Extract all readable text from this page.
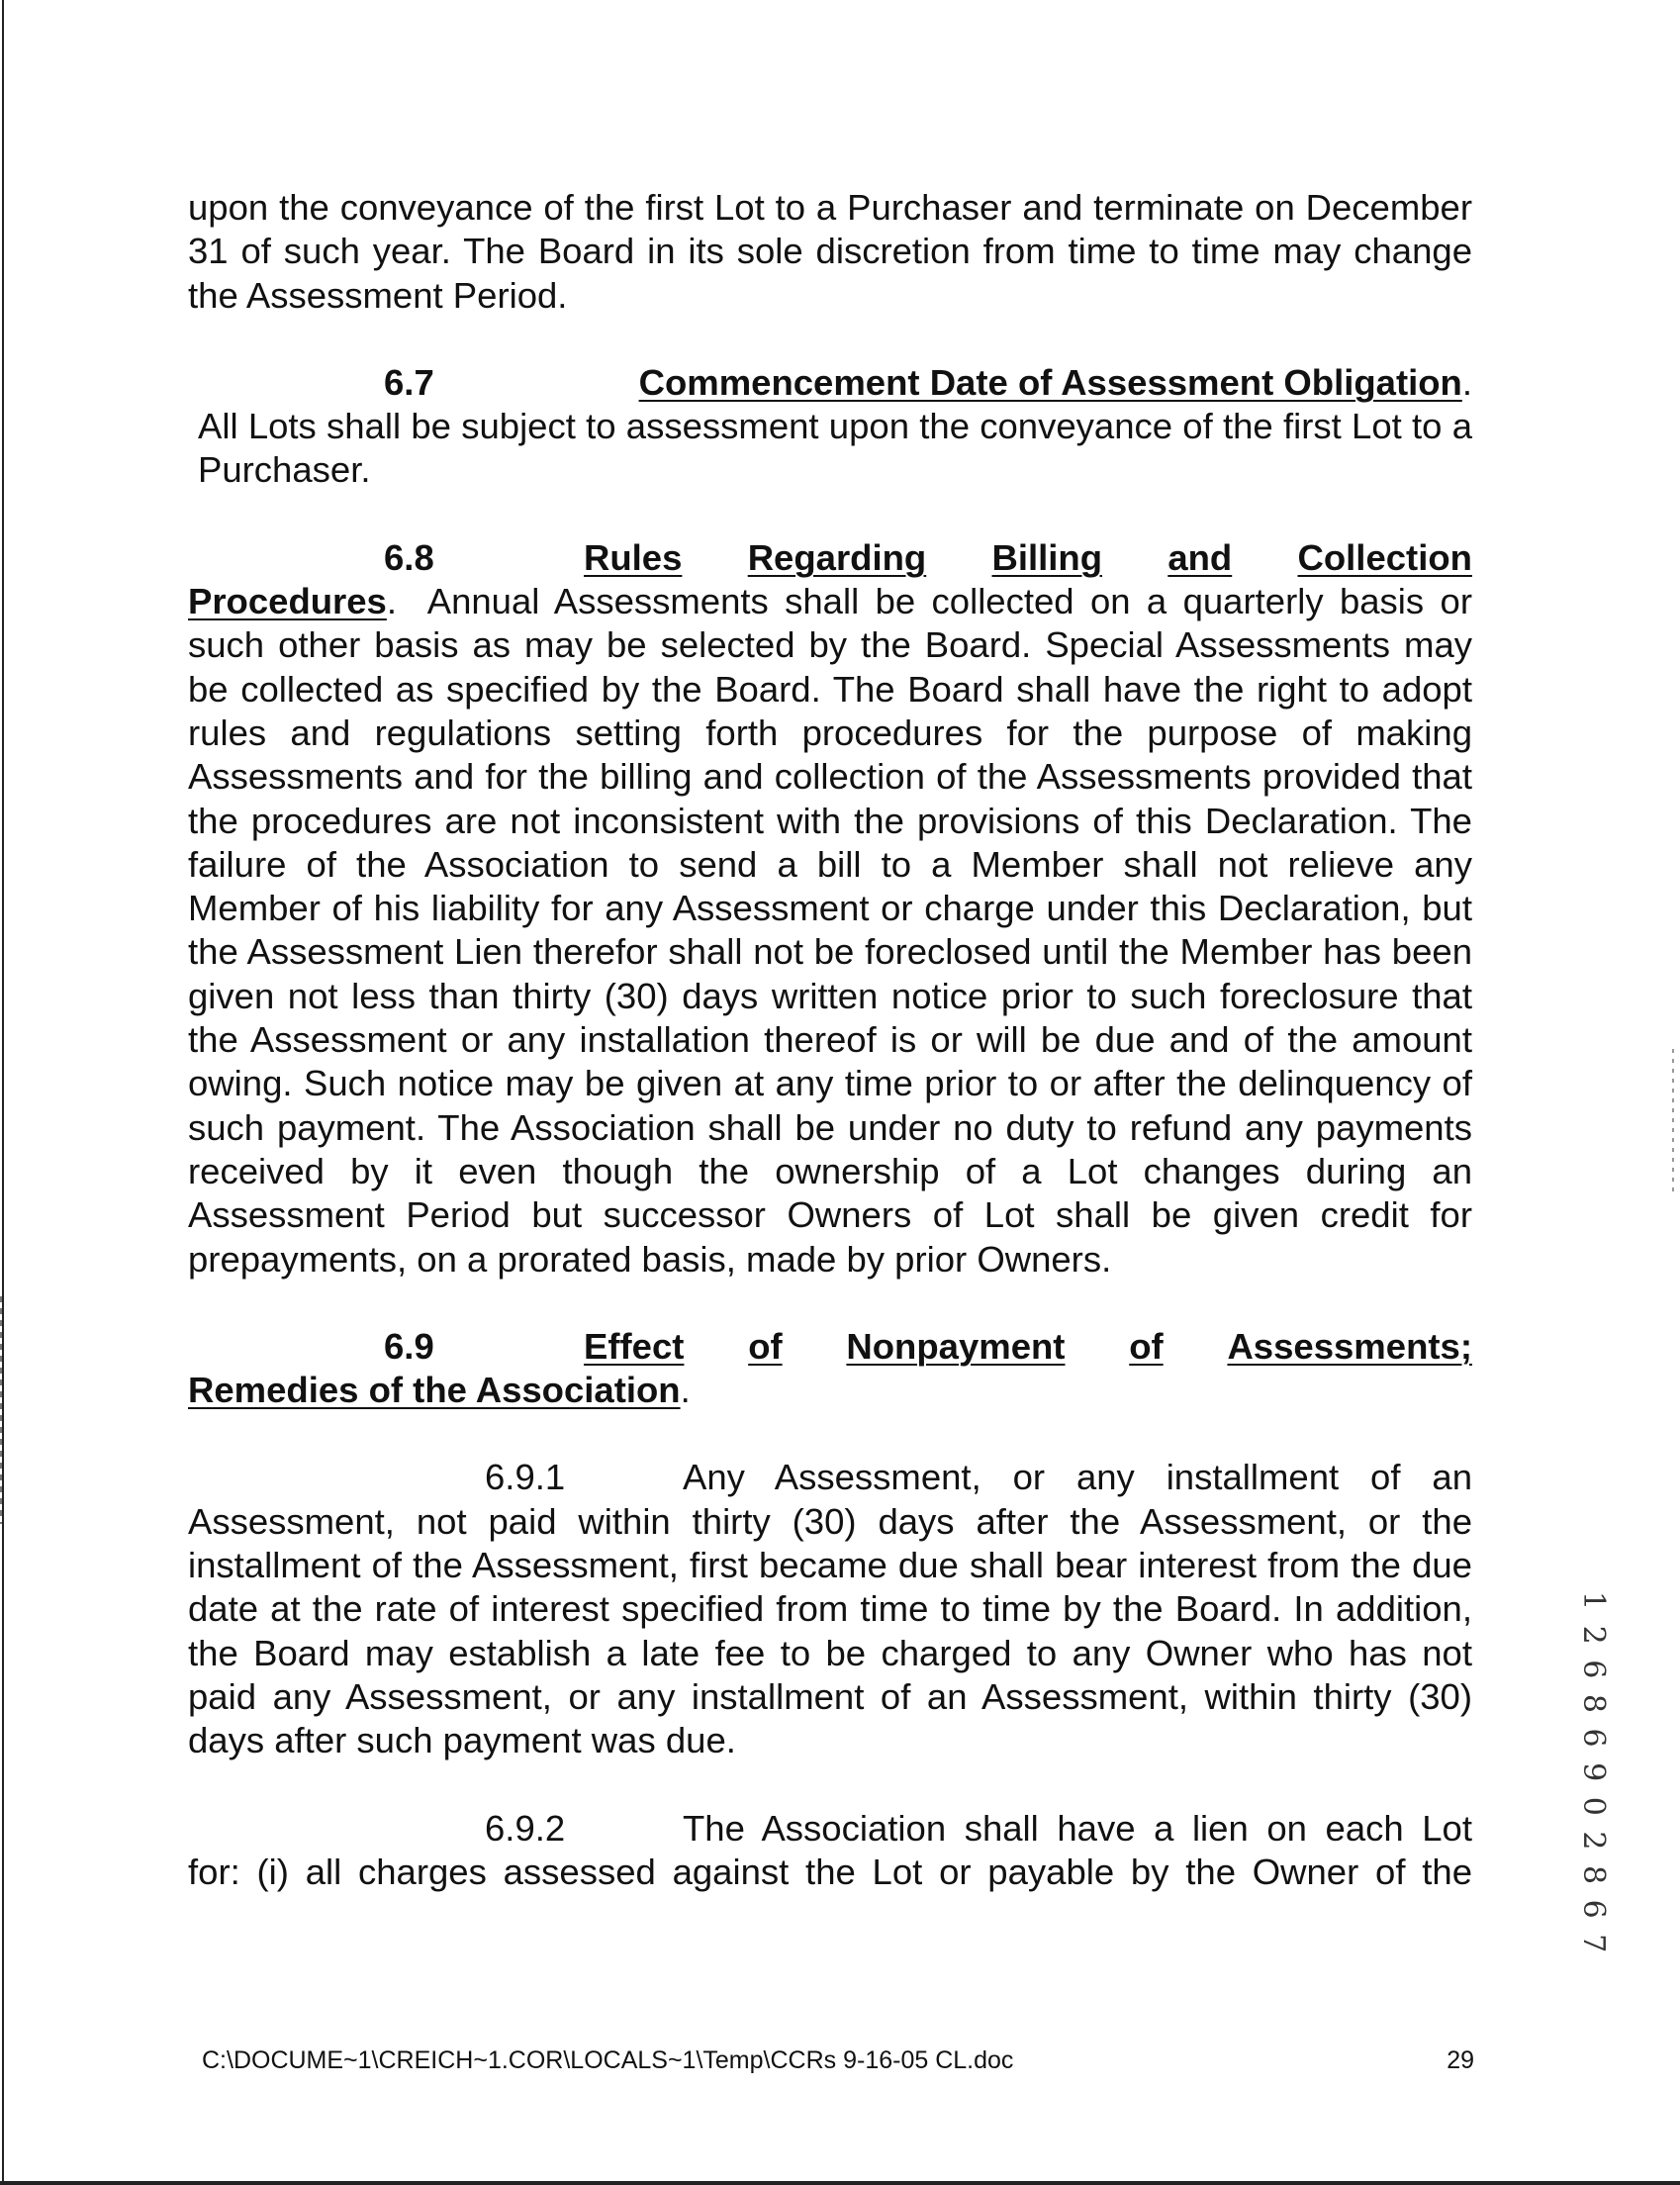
upon the conveyance of the first Lot to a Purchaser and terminate on December 31 of such year. The Board in its sole discretion from time to time may change the Assessment Period.

6.7	Commencement Date of Assessment Obligation.

All Lots shall be subject to assessment upon the conveyance of the first Lot to a Purchaser.

6.8	Rules Regarding Billing and Collection

Procedures.  Annual Assessments shall be collected on a quarterly basis or such other basis as may be selected by the Board. Special Assessments may be collected as specified by the Board. The Board shall have the right to adopt rules and regulations setting forth procedures for the purpose of making Assessments and for the billing and collection of the Assessments provided that the procedures are not inconsistent with the provisions of this Declaration. The failure of the Association to send a bill to a Member shall not relieve any Member of his liability for any Assessment or charge under this Declaration, but the Assessment Lien therefor shall not be foreclosed until the Member has been given not less than thirty (30) days written notice prior to such foreclosure that the Assessment or any installation thereof is or will be due and of the amount owing. Such notice may be given at any time prior to or after the delinquency of such payment. The Association shall be under no duty to refund any payments received by it even though the ownership of a Lot changes during an Assessment Period but successor Owners of Lot shall be given credit for prepayments, on a prorated basis, made by prior Owners.

6.9	Effect of Nonpayment of Assessments;

Remedies of the Association.

6.9.1	Any Assessment, or any installment of an

Assessment, not paid within thirty (30) days after the Assessment, or the installment of the Assessment, first became due shall bear interest from the due date at the rate of interest specified from time to time by the Board. In addition, the Board may establish a late fee to be charged to any Owner who has not paid any Assessment, or any installment of an Assessment, within thirty (30) days after such payment was due.

6.9.2	The Association shall have a lien on each Lot

for: (i) all charges assessed against the Lot or payable by the Owner of the	1 2 6 8 6 9 0 2 8 6 7
C:\DOCUME~1\CREICH~1.COR\LOCALS~1\Temp\CCRs 9-16-05 CL.doc	29
